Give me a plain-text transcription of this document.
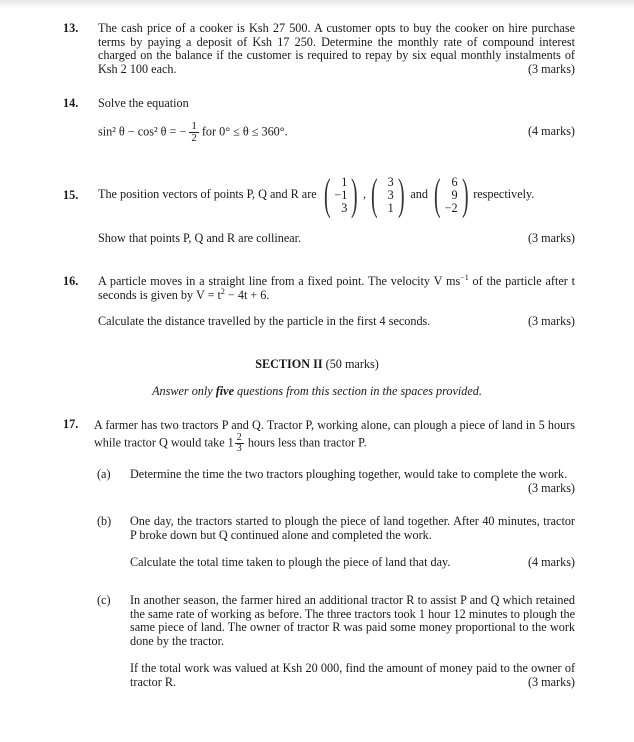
13. The cash price of a cooker is Ksh 27 500. A customer opts to buy the cooker on hire purchase terms by paying a deposit of Ksh 17 250. Determine the monthly rate of compound interest charged on the balance if the customer is required to repay by six equal monthly instalments of Ksh 2 100 each.	(3 marks)
14. Solve the equation
sin² θ − cos² θ = − $\frac{1}{2}$ for 0° ≤ θ ≤ 360°.	(4 marks)
15. The position vectors of points P, Q and R are ( 1
−1
3 ) , ( 3
3
1 ) and ( 6
9
−2 ) respectively.
Show that points P, Q and R are collinear.	(3 marks)
16. A particle moves in a straight line from a fixed point. The velocity V $ms^{-1}$ of the particle after t seconds is given by $V = t^2 - 4t + 6$.
Calculate the distance travelled by the particle in the first 4 seconds.	(3 marks)
SECTION II (50 marks)
Answer only five questions from this section in the spaces provided.
17. A farmer has two tractors P and Q. Tractor P, working alone, can plough a piece of land in 5 hours while tractor Q would take $1 \frac{2}{3}$ hours less than tractor P.
(a) Determine the time the two tractors ploughing together, would take to complete the work.
(3 marks)
(b) One day, the tractors started to plough the piece of land together. After 40 minutes, tractor P broke down but Q continued alone and completed the work.
Calculate the total time taken to plough the piece of land that day.	(4 marks)
(c) In another season, the farmer hired an additional tractor R to assist P and Q which retained the same rate of working as before. The three tractors took 1 hour 12 minutes to plough the same piece of land. The owner of tractor R was paid some money proportional to the work done by the tractor.
If the total work was valued at Ksh 20 000, find the amount of money paid to the owner of tractor R.	(3 marks)
